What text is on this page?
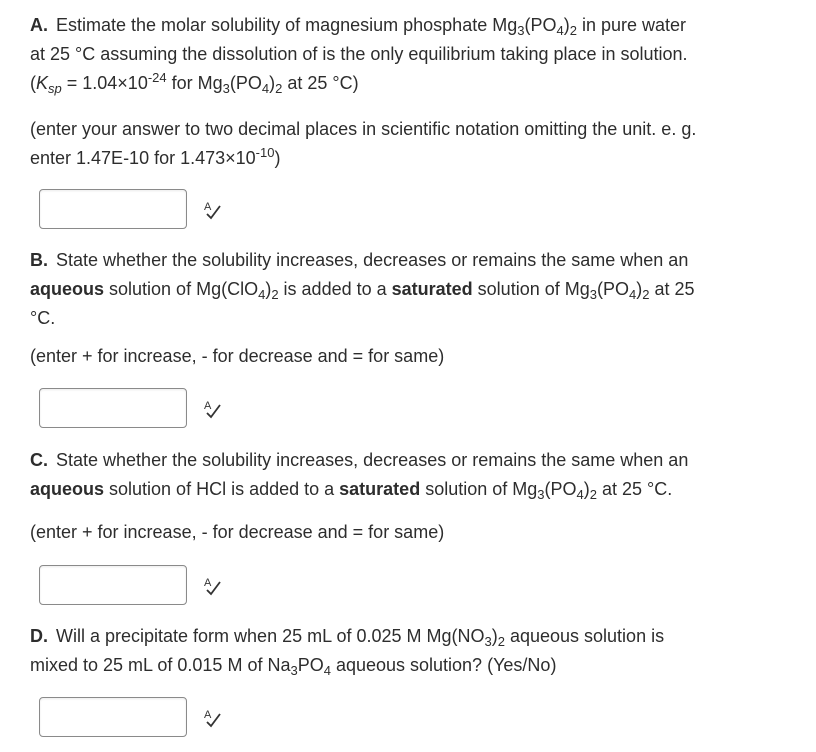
A. Estimate the molar solubility of magnesium phosphate $Mg_3(PO_4)_2$ in pure water

at 25 °C assuming the dissolution of is the only equilibrium taking place in solution.

($K_{sp} = 1.04\times 10^{-24}$ for $Mg_3(PO_4)_2$ at 25 °C)

(enter your answer to two decimal places in scientific notation omitting the unit. e. g.

enter 1.47E-10 for $1.473\times 10^{-10}$)

A

B. State whether the solubility increases, decreases or remains the same when an

aqueous solution of $Mg(ClO_4)_2$ is added to a saturated solution of $Mg_3(PO_4)_2$ at 25

°C.

(enter + for increase, - for decrease and = for same)

A

C. State whether the solubility increases, decreases or remains the same when an

aqueous solution of HCl is added to a saturated solution of $Mg_3(PO_4)_2$ at 25 °C.

(enter + for increase, - for decrease and = for same)

A

D. Will a precipitate form when 25 mL of 0.025 M $Mg(NO_3)_2$ aqueous solution is

mixed to 25 mL of 0.015 M of $Na_3PO_4$ aqueous solution? (Yes/No)

A
